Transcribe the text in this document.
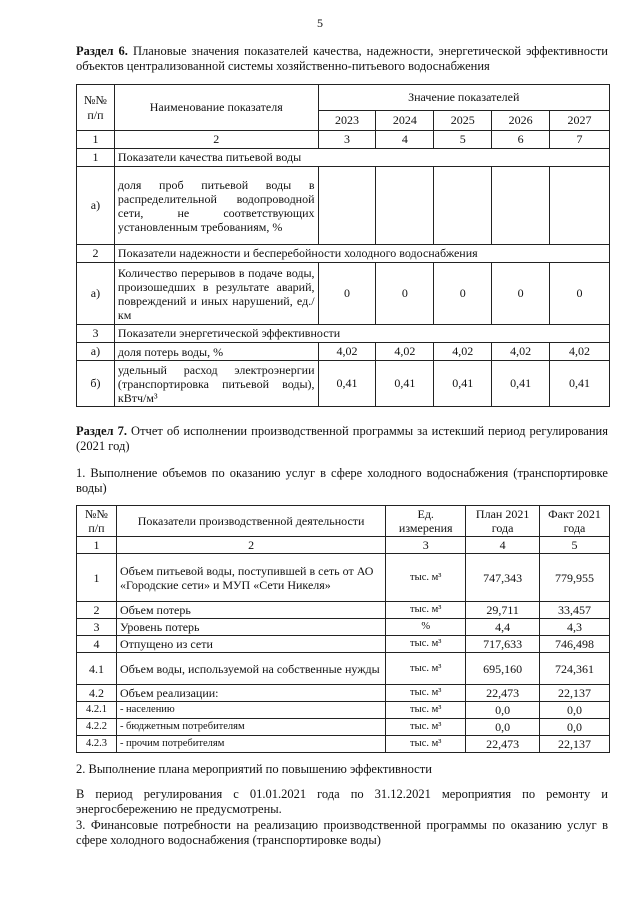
5
Раздел 6. Плановые значения показателей качества, надежности, энергетической эффективности объектов централизованной системы хозяйственно-питьевого водоснабжения
№№ п/п	Наименование показателя	Значение показателей				
		2023	2024	2025	2026	2027
1	2	3	4	5	6	7
1	Показатели качества питьевой воды					
а)	доля проб питьевой воды в распределительной водопроводной сети, не соответствующих установленным требованиям, %					
2	Показатели надежности и бесперебойности холодного водоснабжения					
а)	Количество перерывов в подаче воды, произошедших в результате аварий, повреждений и иных нарушений, ед./км	0	0	0	0	0
3	Показатели энергетической эффективности					
а)	доля потерь воды, %	4,02	4,02	4,02	4,02	4,02
б)	удельный расход электроэнергии (транспортировка питьевой воды), кВтч/м³	0,41	0,41	0,41	0,41	0,41
Раздел 7. Отчет об исполнении производственной программы за истекший период регулирования (2021 год)
1. Выполнение объемов по оказанию услуг в сфере холодного водоснабжения (транспортировке воды)
№№ п/п	Показатели производственной деятельности	Ед. измерения	План 2021 года	Факт 2021 года
1	2	3	4	5
1	Объем питьевой воды, поступившей в сеть от АО «Городские сети» и МУП «Сети Никеля»	тыс. м³	747,343	779,955
2	Объем потерь	тыс. м³	29,711	33,457
3	Уровень потерь	%	4,4	4,3
4	Отпущено из сети	тыс. м³	717,633	746,498
4.1	Объем воды, используемой на собственные нужды	тыс. м³	695,160	724,361
4.2	Объем реализации:	тыс. м³	22,473	22,137
4.2.1	- населению	тыс. м³	0,0	0,0
4.2.2	- бюджетным потребителям	тыс. м³	0,0	0,0
4.2.3	- прочим потребителям	тыс. м³	22,473	22,137
2. Выполнение плана мероприятий по повышению эффективности
В период регулирования с 01.01.2021 года по 31.12.2021 мероприятия по ремонту и энергосбережению не предусмотрены.
3. Финансовые потребности на реализацию производственной программы по оказанию услуг в сфере холодного водоснабжения (транспортировке воды)
